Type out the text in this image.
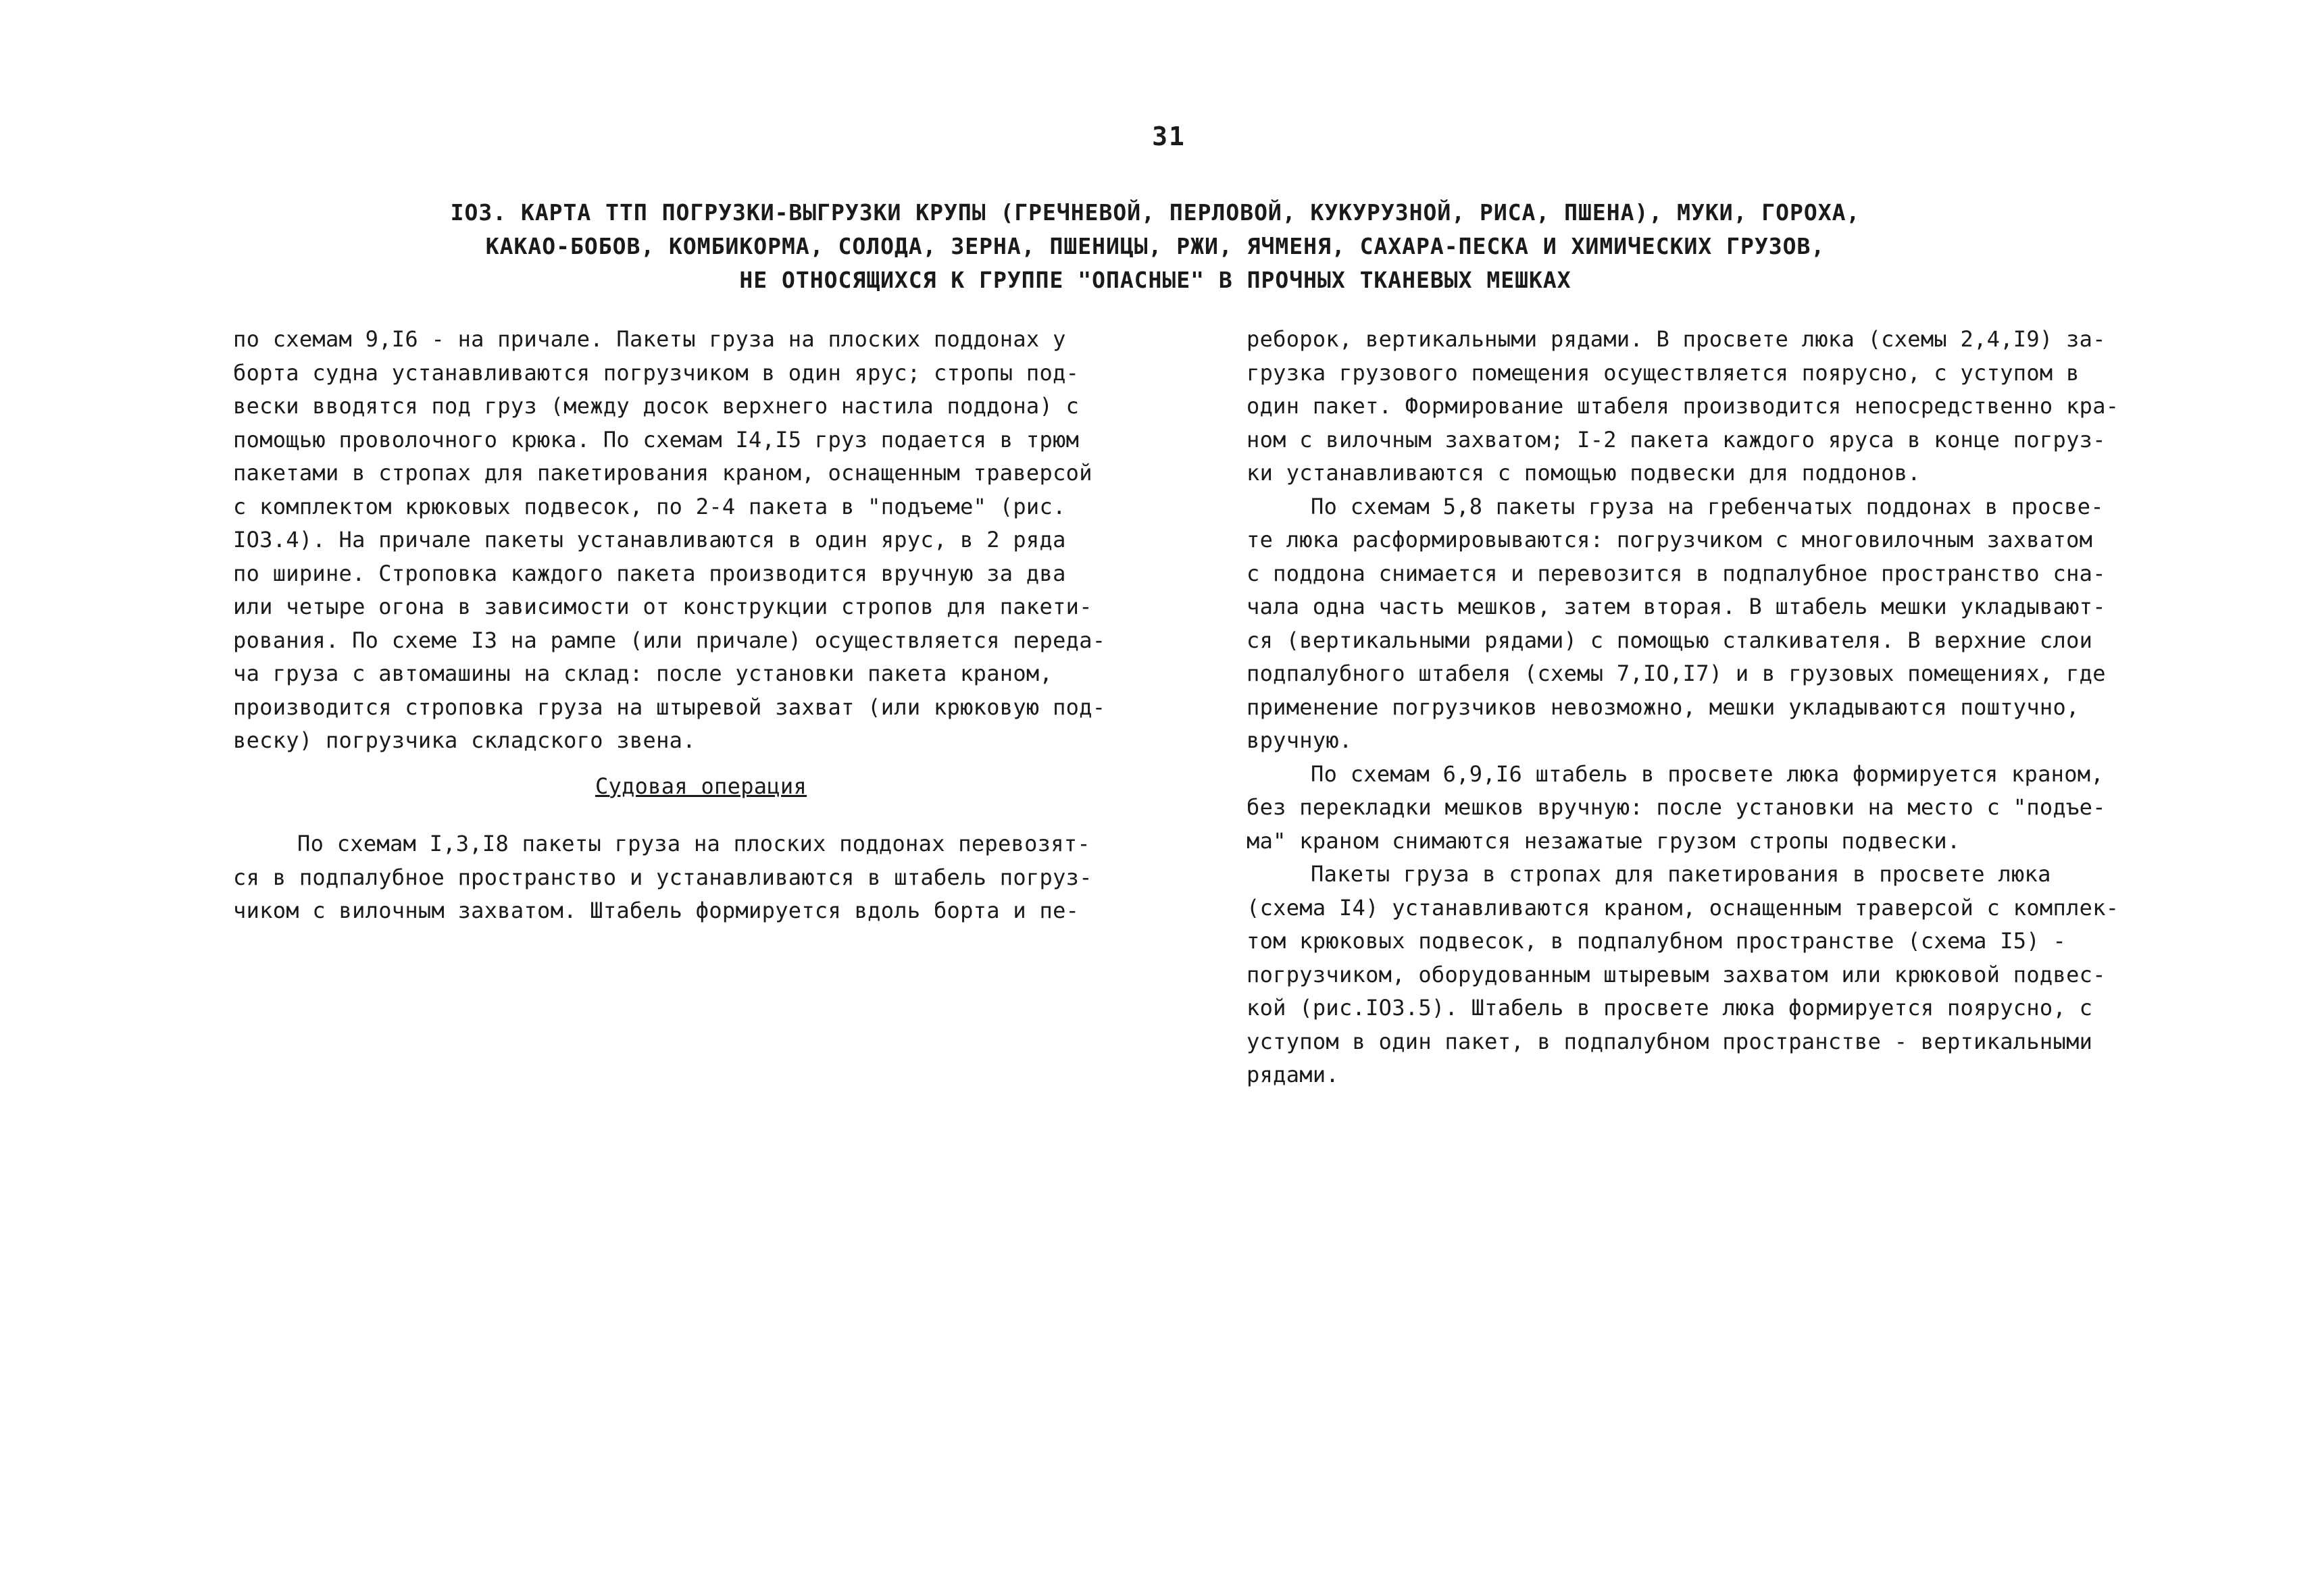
31
IO3. КАРТА ТТП ПОГРУЗКИ-ВЫГРУЗКИ КРУПЫ (ГРЕЧНЕВОЙ, ПЕРЛОВОЙ, КУКУРУЗНОЙ, РИСА, ПШЕНА), МУКИ, ГОРОХА,
КАКАО-БОБОВ, КОМБИКОРМА, СОЛОДА, ЗЕРНА, ПШЕНИЦЫ, РЖИ, ЯЧМЕНЯ, САХАРА-ПЕСКА И ХИМИЧЕСКИХ ГРУЗОВ,
НЕ ОТНОСЯЩИХСЯ К ГРУППЕ "ОПАСНЫЕ" В ПРОЧНЫХ ТКАНЕВЫХ МЕШКАХ
по схемам 9,I6 - на причале. Пакеты груза на плоских поддонах у
борта судна устанавливаются погрузчиком в один ярус; стропы под-
вески вводятся под груз (между досок верхнего настила поддона) с
помощью проволочного крюка. По схемам I4,I5 груз подается в трюм
пакетами в стропах для пакетирования краном, оснащенным траверсой
с комплектом крюковых подвесок, по 2-4 пакета в "подъеме" (рис.
IO3.4). На причале пакеты устанавливаются в один ярус, в 2 ряда
по ширине. Строповка каждого пакета производится вручную за два
или четыре огона в зависимости от конструкции стропов для пакети-
рования. По схеме I3 на рампе (или причале) осуществляется переда-
ча груза с автомашины на склад: после установки пакета краном,
производится строповка груза на штыревой захват (или крюковую под-
веску) погрузчика складского звена.
Судовая операция
По схемам I,3,I8 пакеты груза на плоских поддонах перевозят-
ся в подпалубное пространство и устанавливаются в штабель погруз-
чиком с вилочным захватом. Штабель формируется вдоль борта и пе-
реборок, вертикальными рядами. В просвете люка (схемы 2,4,I9) за-
грузка грузового помещения осуществляется поярусно, с уступом в
один пакет. Формирование штабеля производится непосредственно кра-
ном с вилочным захватом; I-2 пакета каждого яруса в конце погруз-
ки устанавливаются с помощью подвески для поддонов.
По схемам 5,8 пакеты груза на гребенчатых поддонах в просве-
те люка расформировываются: погрузчиком с многовилочным захватом
с поддона снимается и перевозится в подпалубное пространство сна-
чала одна часть мешков, затем вторая. В штабель мешки укладывают-
ся (вертикальными рядами) с помощью сталкивателя. В верхние слои
подпалубного штабеля (схемы 7,IO,I7) и в грузовых помещениях, где
применение погрузчиков невозможно, мешки укладываются поштучно,
вручную.
По схемам 6,9,I6 штабель в просвете люка формируется краном,
без перекладки мешков вручную: после установки на место с "подъе-
ма" краном снимаются незажатые грузом стропы подвески.
Пакеты груза в стропах для пакетирования в просвете люка
(схема I4) устанавливаются краном, оснащенным траверсой с комплек-
том крюковых подвесок, в подпалубном пространстве (схема I5) -
погрузчиком, оборудованным штыревым захватом или крюковой подвес-
кой (рис.IO3.5). Штабель в просвете люка формируется поярусно, с
уступом в один пакет, в подпалубном пространстве - вертикальными
рядами.
